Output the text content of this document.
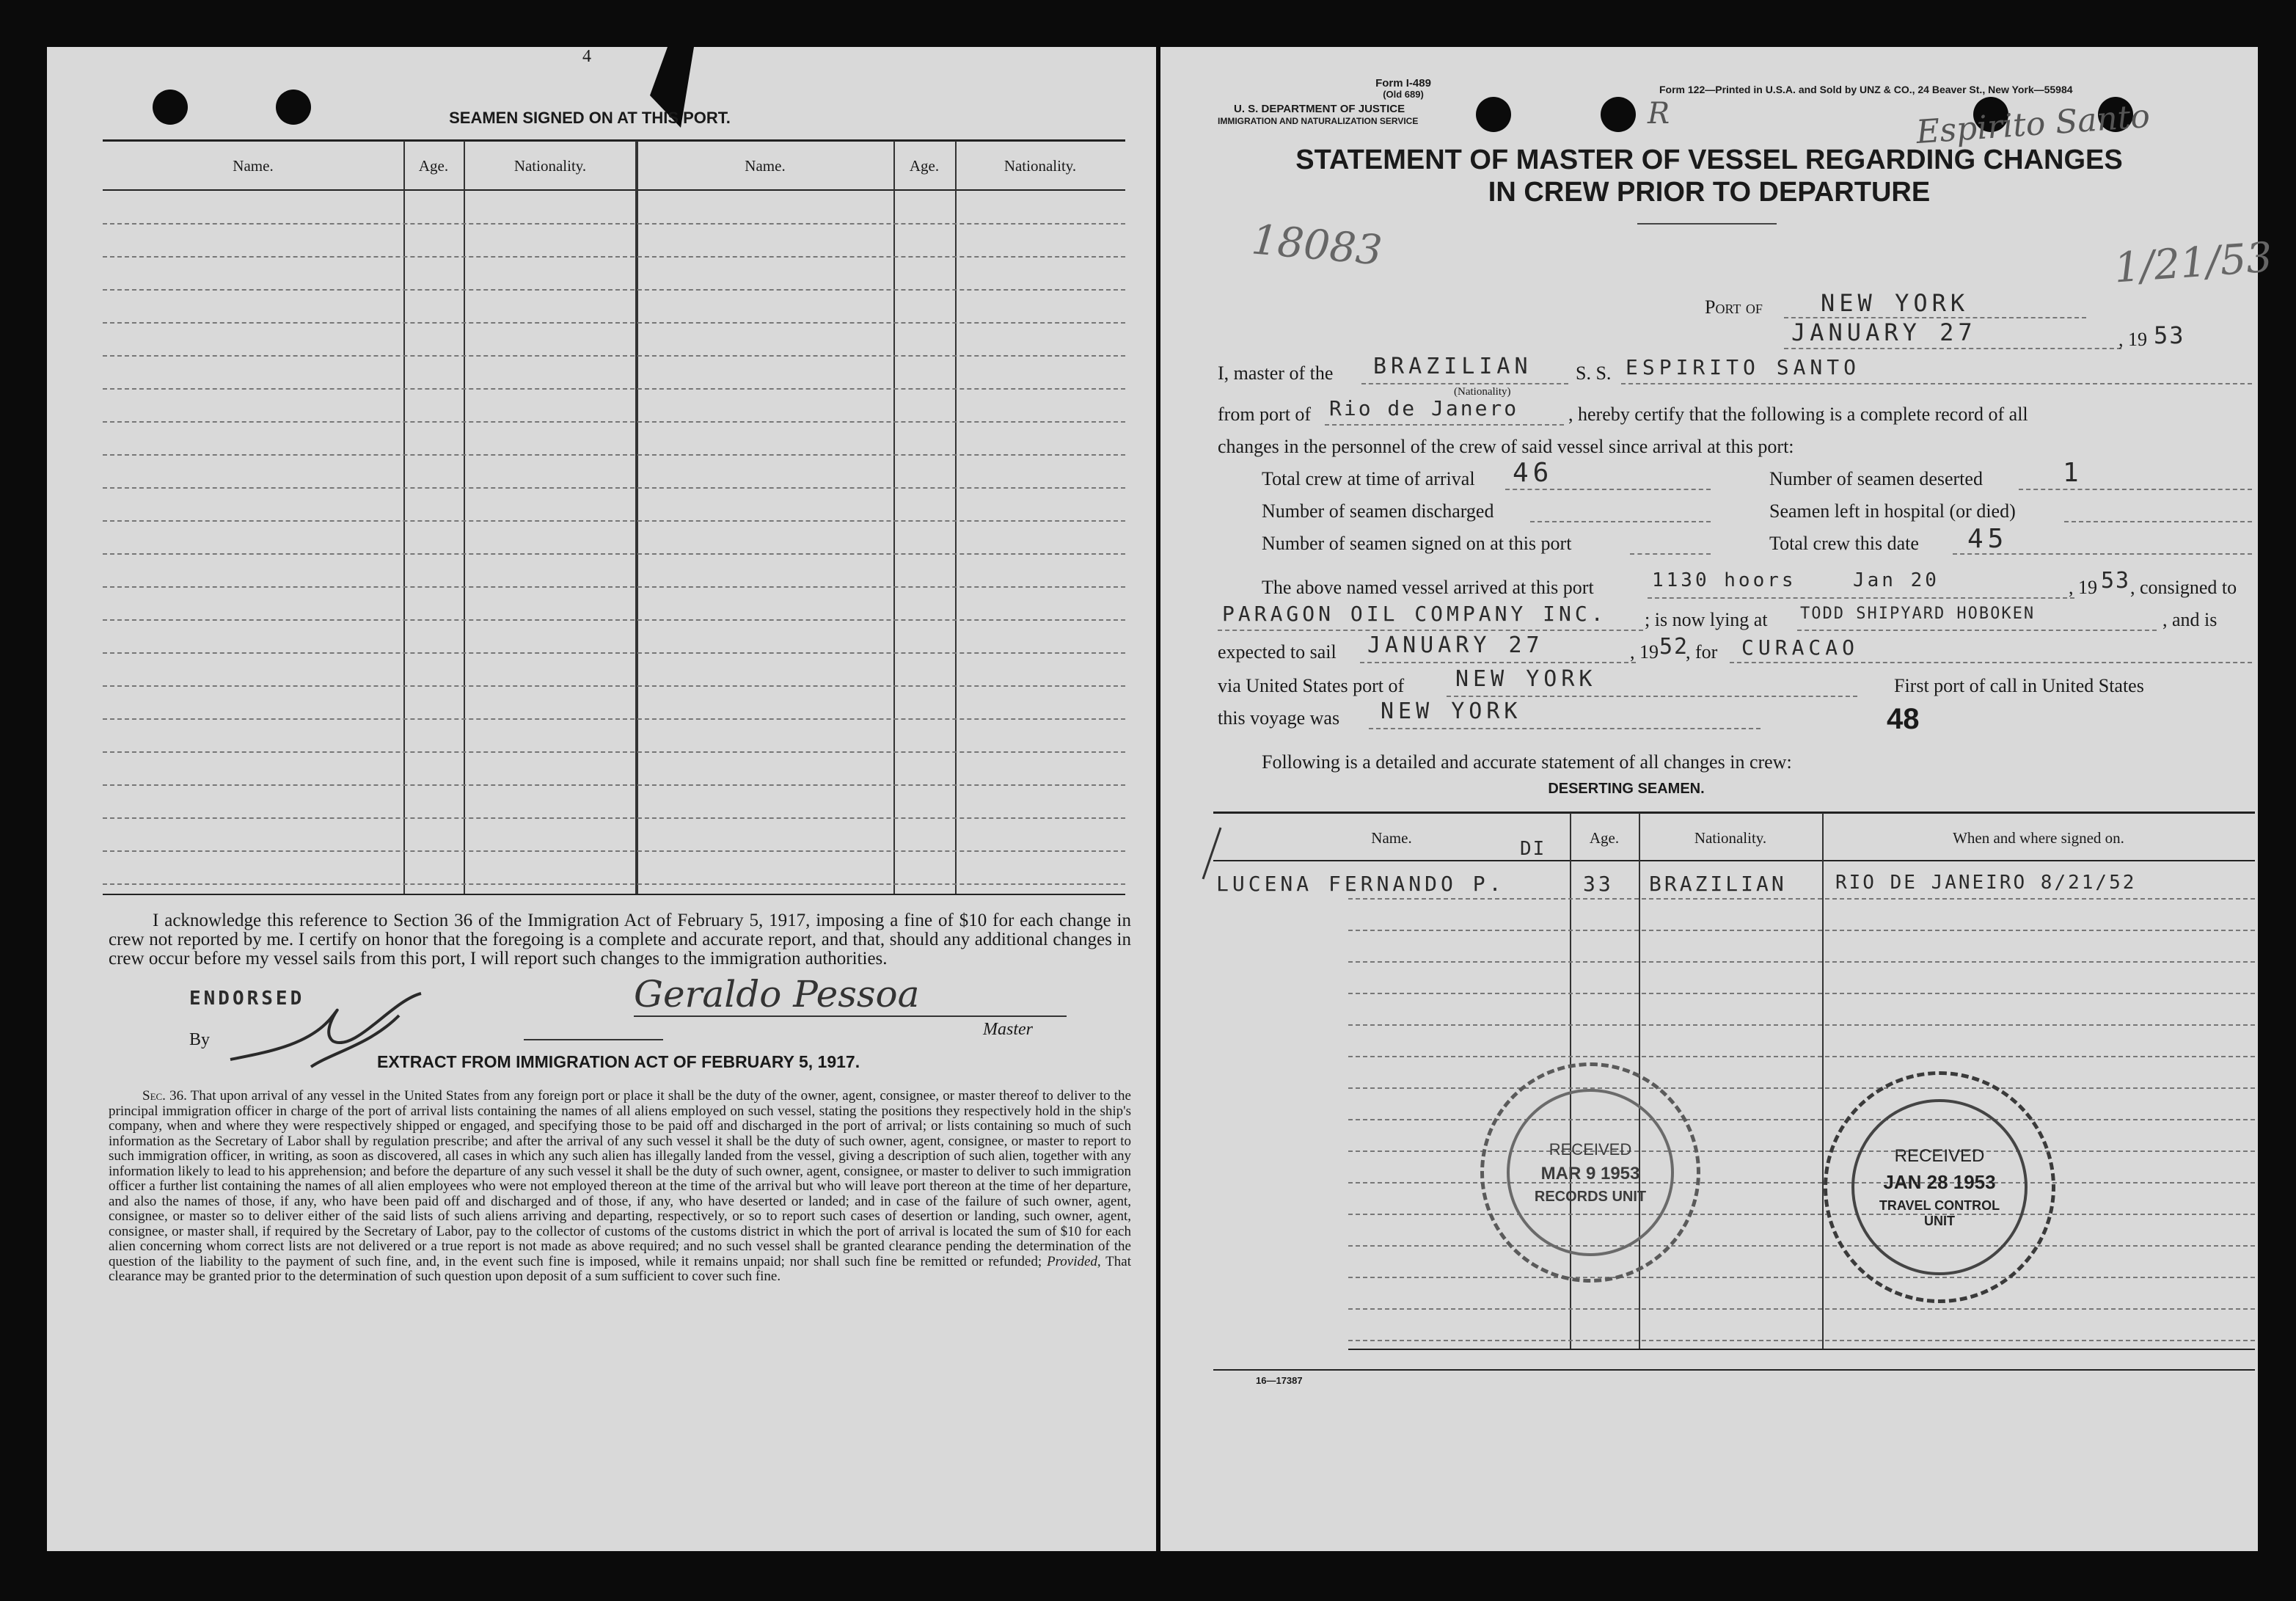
4
SEAMEN SIGNED ON AT THIS PORT.
Name.	Age.	Nationality.	Name.	Age.	Nationality.
I acknowledge this reference to Section 36 of the Immigration Act of February 5, 1917, imposing a fine of $10 for each change in crew not reported by me. I certify on honor that the foregoing is a complete and accurate report, and that, should any additional changes in crew occur before my vessel sails from this port, I will report such changes to the immigration authorities.
ENDORSED
By
Geraldo Pessoa
Master
EXTRACT FROM IMMIGRATION ACT OF FEBRUARY 5, 1917.
Sec. 36. That upon arrival of any vessel in the United States from any foreign port or place it shall be the duty of the owner, agent, consignee, or master thereof to deliver to the principal immigration officer in charge of the port of arrival lists containing the names of all aliens employed on such vessel, stating the positions they respectively hold in the ship's company, when and where they were respectively shipped or engaged, and specifying those to be paid off and discharged in the port of arrival; or lists containing so much of such information as the Secretary of Labor shall by regulation prescribe; and after the arrival of any such vessel it shall be the duty of such owner, agent, consignee, or master to report to such immigration officer, in writing, as soon as discovered, all cases in which any such alien has illegally landed from the vessel, giving a description of such alien, together with any information likely to lead to his apprehension; and before the departure of any such vessel it shall be the duty of such owner, agent, consignee, or master to deliver to such immigration officer a further list containing the names of all alien employees who were not employed thereon at the time of the arrival but who will leave port thereon at the time of her departure, and also the names of those, if any, who have been paid off and discharged and of those, if any, who have deserted or landed; and in case of the failure of such owner, agent, consignee, or master so to deliver either of the said lists of such aliens arriving and departing, respectively, or so to report such cases of desertion or landing, such owner, agent, consignee, or master shall, if required by the Secretary of Labor, pay to the collector of customs of the customs district in which the port of arrival is located the sum of $10 for each alien concerning whom correct lists are not delivered or a true report is not made as above required; and no such vessel shall be granted clearance pending the determination of the question of the liability to the payment of such fine, and, in the event such fine is imposed, while it remains unpaid; nor shall such fine be remitted or refunded; Provided, That clearance may be granted prior to the determination of such question upon deposit of a sum sufficient to cover such fine.
Form I-489
(Old 689)
U. S. DEPARTMENT OF JUSTICE
IMMIGRATION AND NATURALIZATION SERVICE
Form 122—Printed in U.S.A. and Sold by UNZ & CO., 24 Beaver St., New York—55984
Espirito Santo
R
STATEMENT OF MASTER OF VESSEL REGARDING CHANGES
IN CREW PRIOR TO DEPARTURE
18083	1/21/53
Port of NEW YORK
JANUARY 27	, 19 53
I, master of the BRAZILIAN
(Nationality)
S. S. ESPIRITO SANTO
from port of Rio de Janero	, hereby certify that the following is a complete record of all
changes in the personnel of the crew of said vessel since arrival at this port:
Total crew at time of arrival 46	Number of seamen deserted	1
Number of seamen discharged	Seamen left in hospital (or died)
Number of seamen signed on at this port	Total crew this date 45
The above named vessel arrived at this port	1130 hoors	Jan 20	, 19 53 , consigned to
PARAGON OIL COMPANY INC. ; is now lying at TODD SHIPYARD HOBOKEN	, and is
expected to sail JANUARY 27	, 19 52
, for CURACAO
via United States port of NEW YORK	First port of call in United States
this voyage was NEW YORK	48
Following is a detailed and accurate statement of all changes in crew:
DESERTING SEAMEN.
Name.	Age.	Nationality.	When and where signed on.
DI
LUCENA FERNANDO P.	33 BRAZILIAN	RIO DE JANEIRO 8/21/52
RECEIVED
MAR 9 1953
RECORDS UNIT
RECEIVED
JAN 28 1953
TRAVEL CONTROL
UNIT
16—17387
